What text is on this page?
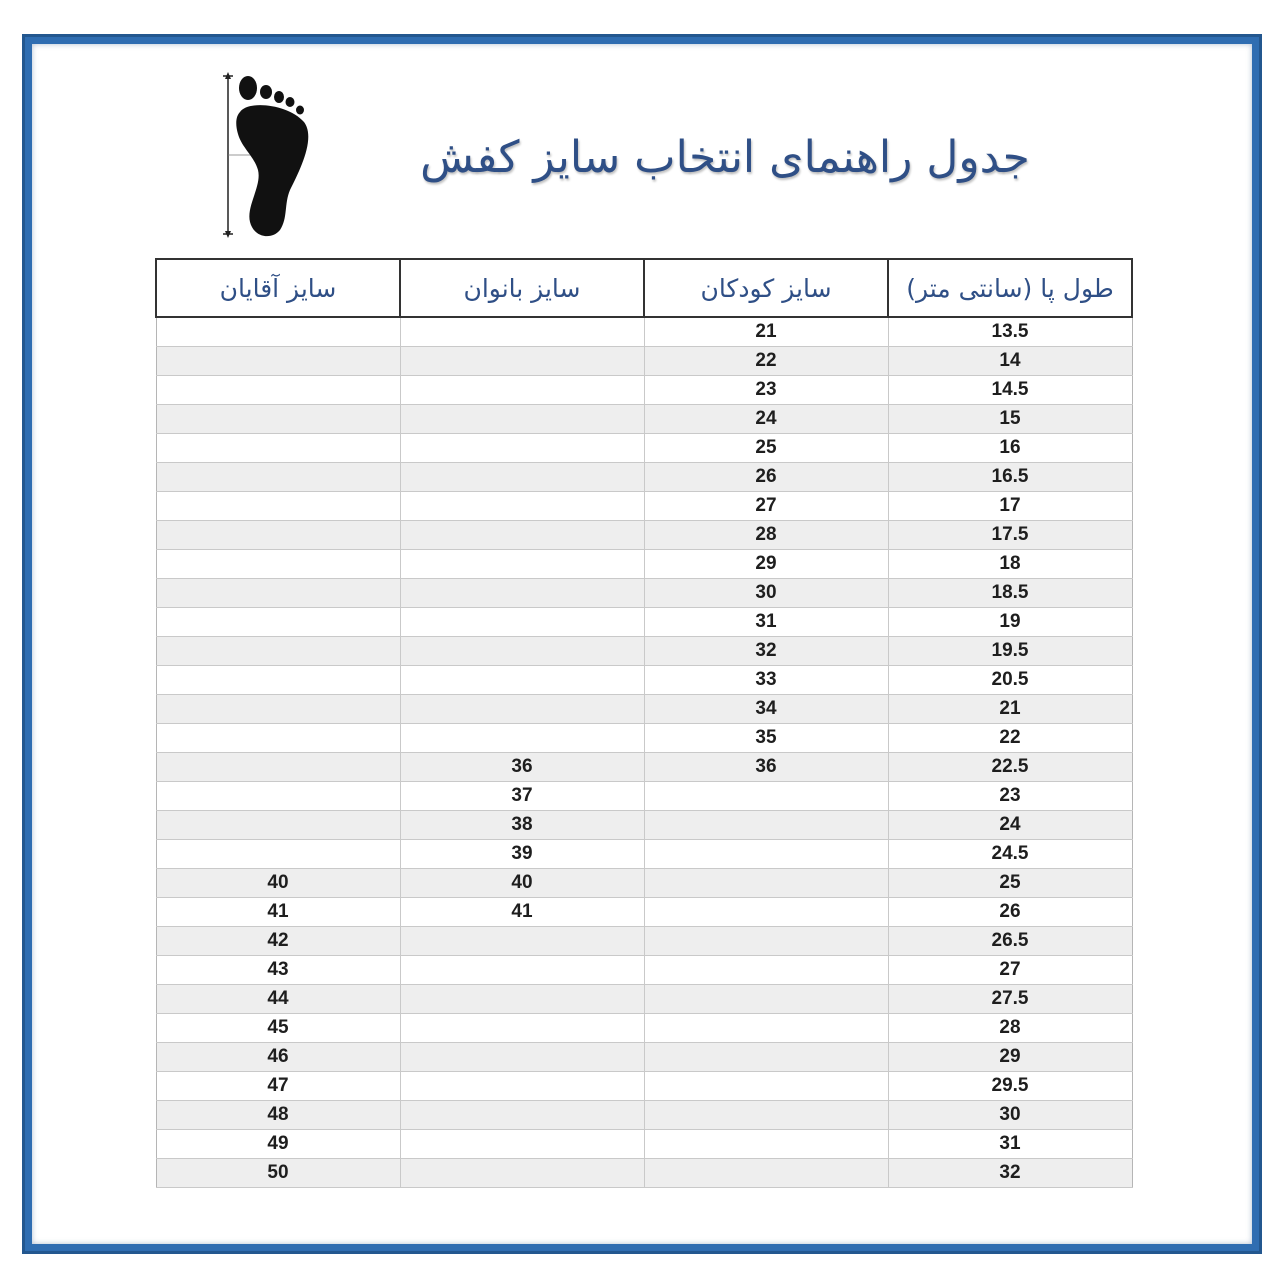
جدول راهنمای انتخاب سایز کفش
سایز آقایان	سایز بانوان	سایز کودکان	طول پا (سانتی متر)
		21	13.5
		22	14
		23	14.5
		24	15
		25	16
		26	16.5
		27	17
		28	17.5
		29	18
		30	18.5
		31	19
		32	19.5
		33	20.5
		34	21
		35	22
	36	36	22.5
	37		23
	38		24
	39		24.5
40	40		25
41	41		26
42			26.5
43			27
44			27.5
45			28
46			29
47			29.5
48			30
49			31
50			32
